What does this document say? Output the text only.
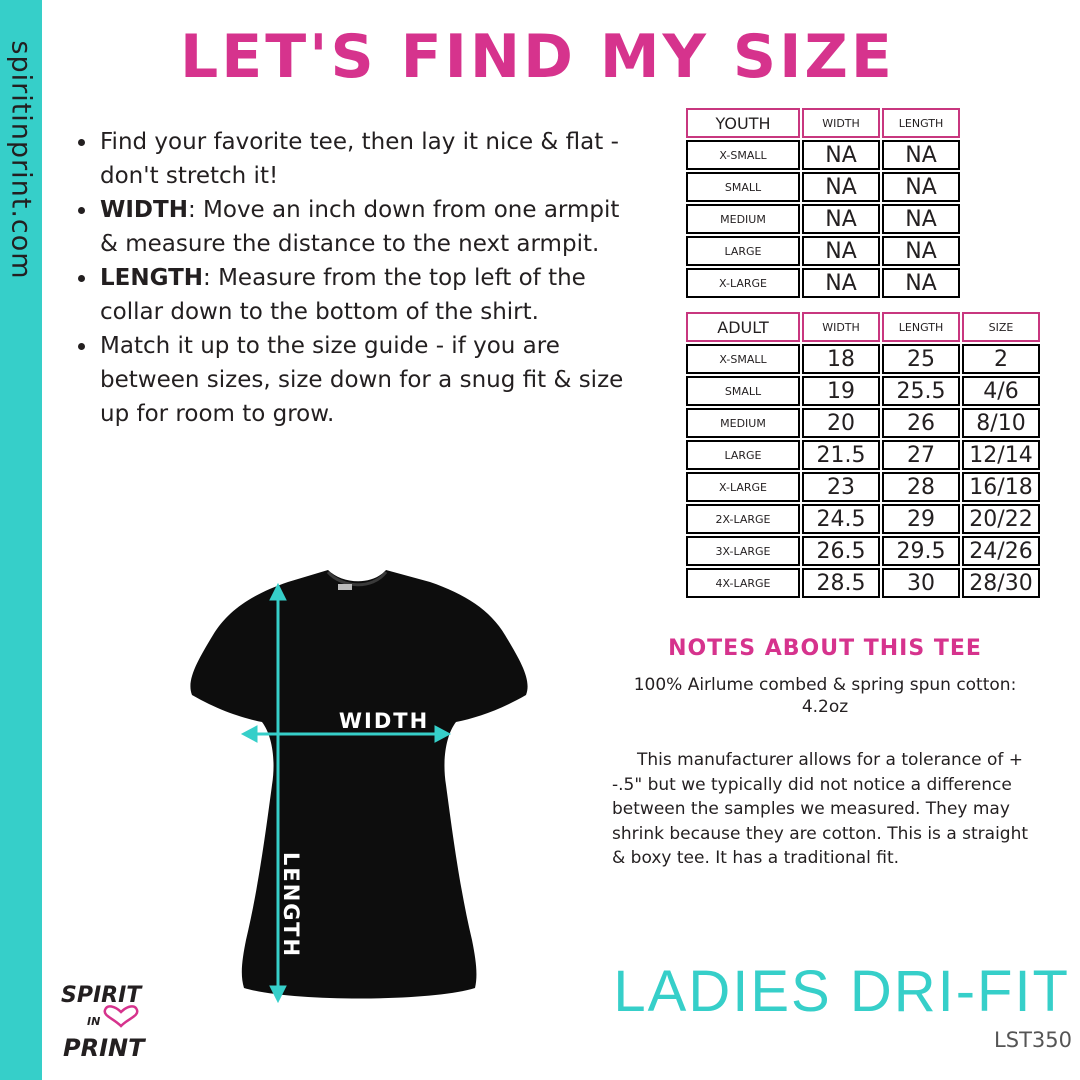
spiritinprint.com LET'S FIND MY SIZE
Find your favorite tee, then lay it nice & flat - don't stretch it!
WIDTH: Move an inch down from one armpit & measure the distance to the next armpit.
LENGTH: Measure from the top left of the collar down to the bottom of the shirt.
Match it up to the size guide - if you are between sizes, size down for a snug fit & size up for room to grow.
YOUTH	WIDTH	LENGTH
X-SMALL	NA	NA
SMALL	NA	NA
MEDIUM	NA	NA
LARGE	NA	NA
X-LARGE	NA	NA
ADULT	WIDTH	LENGTH	SIZE
X-SMALL	18	25	2
SMALL	19	25.5	4/6
MEDIUM	20	26	8/10
LARGE	21.5	27	12/14
X-LARGE	23	28	16/18
2X-LARGE	24.5	29	20/22
3X-LARGE	26.5	29.5	24/26
4X-LARGE	28.5	30	28/30
NOTES ABOUT THIS TEE
100% Airlume combed & spring spun cotton: 4.2oz
This manufacturer allows for a tolerance of + -.5" but we typically did not notice a difference between the samples we measured. They may shrink because they are cotton. This is a straight & boxy tee. It has a traditional fit.
WIDTH
LENGTH
SPIRIT
IN
PRINT
LADIES DRI-FIT
LST350
